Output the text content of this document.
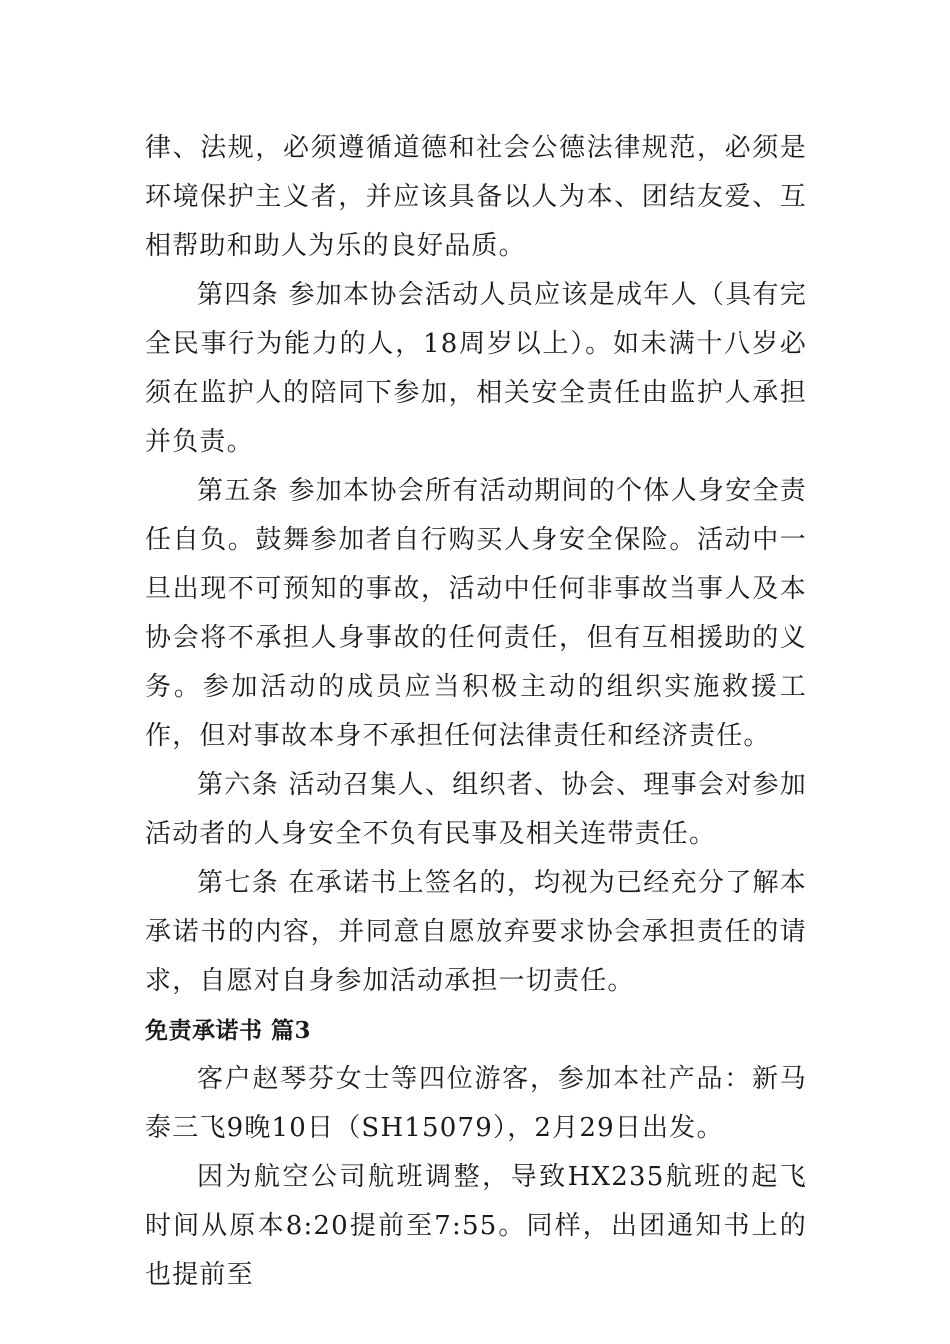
律、法规，必须遵循道德和社会公德法律规范，必须是环境保护主义者，并应该具备以人为本、团结友爱、互相帮助和助人为乐的良好品质。

第四条 参加本协会活动人员应该是成年人（具有完全民事行为能力的人，18周岁以上）。如未满十八岁必须在监护人的陪同下参加，相关安全责任由监护人承担并负责。

第五条 参加本协会所有活动期间的个体人身安全责任自负。鼓舞参加者自行购买人身安全保险。活动中一旦出现不可预知的事故，活动中任何非事故当事人及本协会将不承担人身事故的任何责任，但有互相援助的义务。参加活动的成员应当积极主动的组织实施救援工作，但对事故本身不承担任何法律责任和经济责任。

第六条 活动召集人、组织者、协会、理事会对参加活动者的人身安全不负有民事及相关连带责任。

第七条 在承诺书上签名的，均视为已经充分了解本承诺书的内容，并同意自愿放弃要求协会承担责任的请求，自愿对自身参加活动承担一切责任。

免责承诺书 篇3

客户赵琴芬女士等四位游客，参加本社产品：新马泰三飞9晚10日（SH15079），2月29日出发。

因为航空公司航班调整，导致HX235航班的起飞时间从原本8:20提前至7:55。同样，出团通知书上的也提前至
